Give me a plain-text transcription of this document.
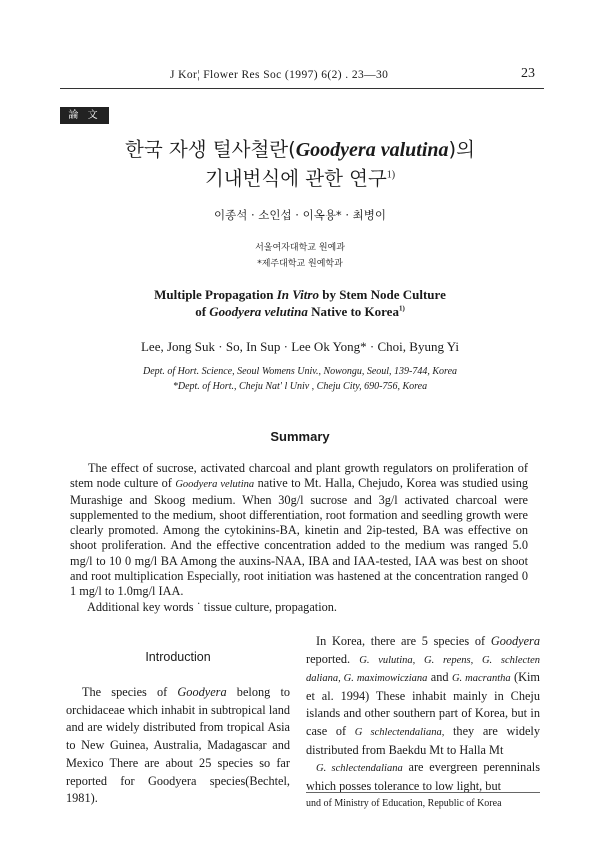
J Kor¦ Flower Res Soc (1997) 6(2) . 23—30	23
論 文
한국 자생 털사철란(Goodyera valutina)의
기내번식에 관한 연구$^{1)}$
이종석 · 소인섭 · 이옥용* · 최병이
서울여자대학교 원예과
*제주대학교 원예학과
Multiple Propagation In Vitro by Stem Node Culture
of Goodyera velutina Native to Korea$^{1)}$
Lee, Jong Suk · So, In Sup · Lee Ok Yong* · Choi, Byung Yi
Dept. of Hort. Science, Seoul Womens Univ., Nowongu, Seoul, 139-744, Korea
*Dept. of Hort., Cheju Nat' l Univ , Cheju City, 690-756, Korea
Summary
The effect of sucrose, activated charcoal and plant growth regulators on proliferation of stem node culture of Goodyera velutina native to Mt. Halla, Chejudo, Korea was studied using Murashige and Skoog medium. When 30g/l sucrose and 3g/l activated charcoal were supplemented to the medium, shoot differentiation, root formation and seedling growth were clearly promoted. Among the cytokinins-BA, kinetin and 2ip-tested, BA was effective on shoot proliferation. And the effective concentration added to the medium was ranged 5.0 mg/l to 10 0 mg/l BA Among the auxins-NAA, IBA and IAA-tested, IAA was best on shoot and root multiplication Especially, root initiation was hastened at the concentration ranged 0 1 mg/l to 1.0mg/l IAA.
Additional key words ˙ tissue culture, propagation.
Introduction
The species of Goodyera belong to orchidaceae which inhabit in subtropical land and are widely distributed from tropical Asia to New Guinea, Australia, Madagascar and Mexico There are about 25 species so far reported for Goodyera species(Bechtel, 1981).
In Korea, there are 5 species of Goodyera reported. G. vulutina, G. repens, G. schlecten daliana, G. maximowicziana and G. macrantha (Kim et al. 1994) These inhabit mainly in Cheju islands and other southern part of Korea, but in case of G schlectendaliana, they are widely distributed from Baekdu Mt to Halla Mt
G. schlectendaliana are evergreen perenninals which posses tolerance to low light, but
und of Ministry of Education, Republic of Korea
